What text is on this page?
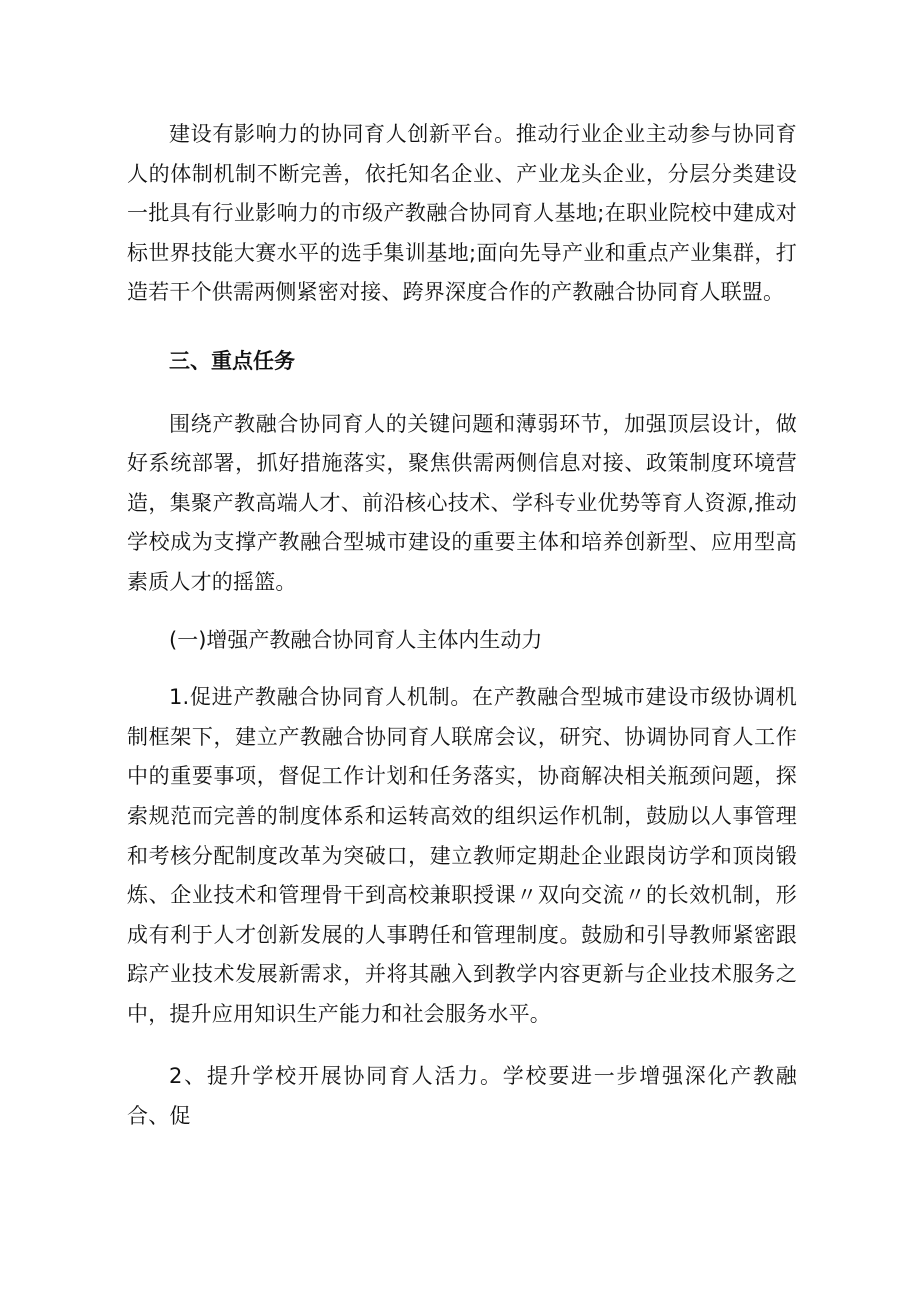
建设有影响力的协同育人创新平台。推动行业企业主动参与协同育人的体制机制不断完善，依托知名企业、产业龙头企业，分层分类建设一批具有行业影响力的市级产教融合协同育人基地;在职业院校中建成对标世界技能大赛水平的选手集训基地;面向先导产业和重点产业集群，打造若干个供需两侧紧密对接、跨界深度合作的产教融合协同育人联盟。

三、重点任务

围绕产教融合协同育人的关键问题和薄弱环节，加强顶层设计，做好系统部署，抓好措施落实，聚焦供需两侧信息对接、政策制度环境营造，集聚产教高端人才、前沿核心技术、学科专业优势等育人资源,推动学校成为支撑产教融合型城市建设的重要主体和培养创新型、应用型高素质人才的摇篮。

(一)增强产教融合协同育人主体内生动力

1.促进产教融合协同育人机制。在产教融合型城市建设市级协调机制框架下，建立产教融合协同育人联席会议，研究、协调协同育人工作中的重要事项，督促工作计划和任务落实，协商解决相关瓶颈问题，探索规范而完善的制度体系和运转高效的组织运作机制，鼓励以人事管理和考核分配制度改革为突破口，建立教师定期赴企业跟岗访学和顶岗锻炼、企业技术和管理骨干到高校兼职授课〃双向交流〃的长效机制，形成有利于人才创新发展的人事聘任和管理制度。鼓励和引导教师紧密跟踪产业技术发展新需求，并将其融入到教学内容更新与企业技术服务之中，提升应用知识生产能力和社会服务水平。

2、提升学校开展协同育人活力。学校要进一步增强深化产教融合、促
